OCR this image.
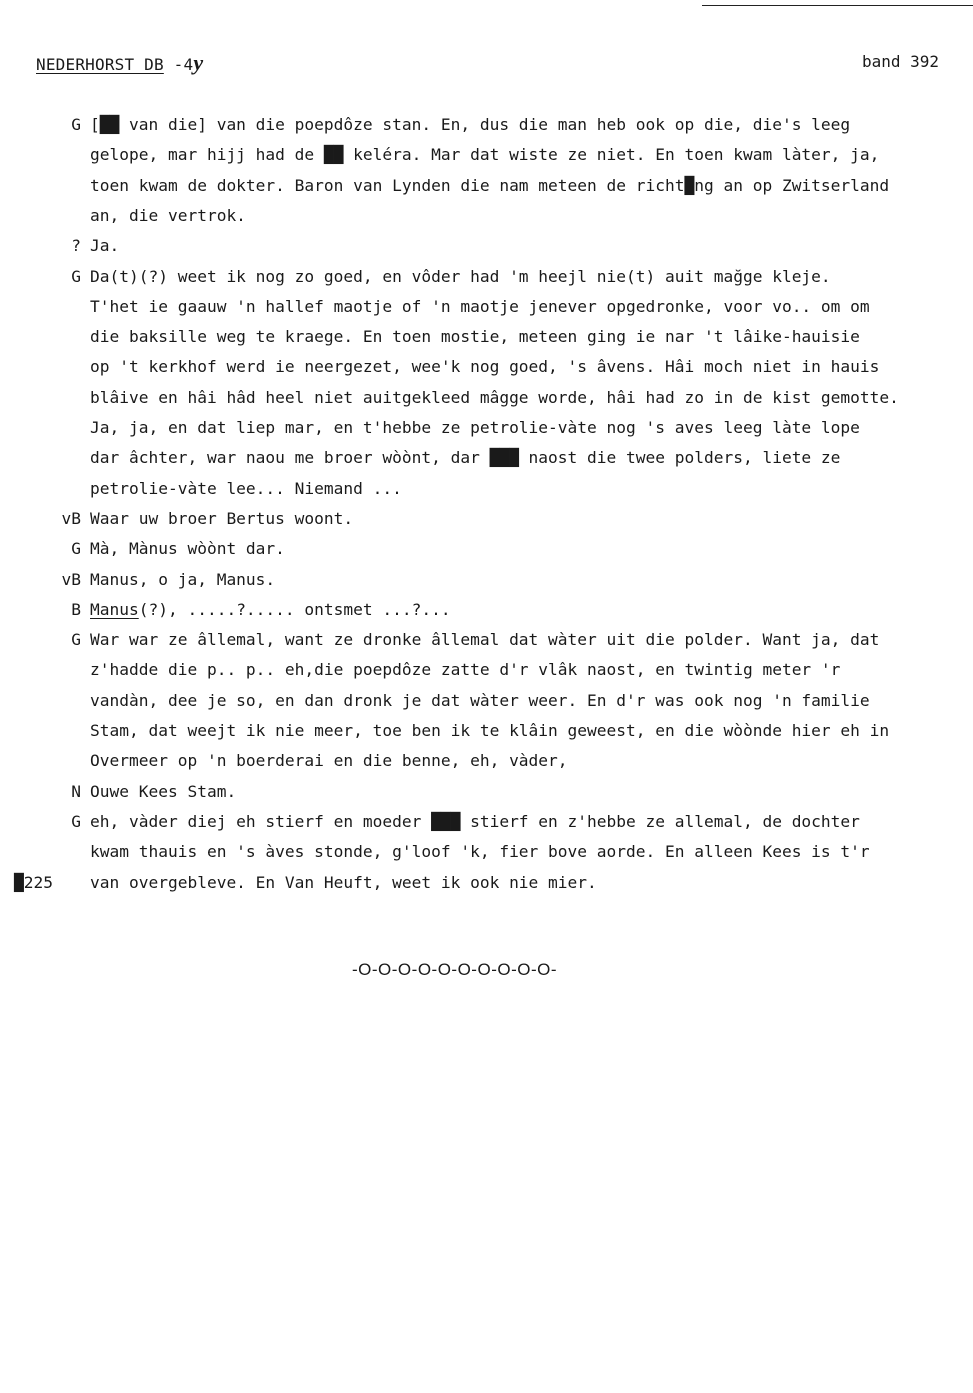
NEDERHORST DB -4y	band 392
G [██ van die] van die poepdôze stan. En, dus die man heb ook op die, die's leeg
gelope, mar hijj had de ██ keléra. Mar dat wiste ze niet. En toen kwam làter, ja,
toen kwam de dokter. Baron van Lynden die nam meteen de richt█ng an op Zwitserland
an, die vertrok.
? Ja.
G Da(t)(?) weet ik nog zo goed, en vôder had 'm heejl nie(t) auit mağge kleje.
T'het ie gaauw 'n hallef maotje of 'n maotje jenever opgedronke, voor vo.. om om
die baksille weg te kraege. En toen mostie, meteen ging ie nar 't lâike-hauisie
op 't kerkhof werd ie neergezet, wee'k nog goed, 's âvens. Hâi moch niet in hauis
blâive en hâi hâd heel niet auitgekleed mâgge worde, hâi had zo in de kist gemotte.
Ja, ja, en dat liep mar, en t'hebbe ze petrolie-vàte nog 's aves leeg làte lope
dar âchter, war naou me broer wòònt, dar ███ naost die twee polders, liete ze
petrolie-vàte lee... Niemand ...
vB Waar uw broer Bertus woont.
G Mà, Mànus wòònt dar.
vB Manus, o ja, Manus.
B Manus(?), .....?..... ontsmet ...?...
G War war ze âllemal, want ze dronke âllemal dat wàter uit die polder. Want ja, dat
z'hadde die p.. p.. eh,die poepdôze zatte d'r vlâk naost, en twintig meter 'r
vandàn, dee je so, en dan dronk je dat wàter weer. En d'r was ook nog 'n familie
Stam, dat weejt ik nie meer, toe ben ik te klâin geweest, en die wòònde hier eh in
Overmeer op 'n boerderai en die benne, eh, vàder,
N Ouwe Kees Stam.
G eh, vàder diej eh stierf en moeder ███ stierf en z'hebbe ze allemal, de dochter
kwam thauis en 's àves stonde, g'loof 'k, fier bove aorde. En alleen Kees is t'r
van overgebleve. En Van Heuft, weet ik ook nie mier.
█225
-O-O-O-O-O-O-O-O-O-O-
